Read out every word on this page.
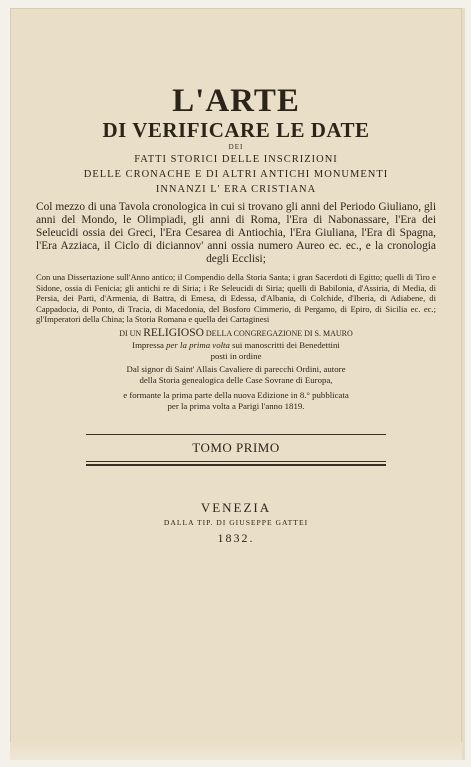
L'ARTE
DI VERIFICARE LE DATE
DEI
FATTI STORICI DELLE INSCRIZIONI
DELLE CRONACHE E DI ALTRI ANTICHI MONUMENTI
INNANZI L' ERA CRISTIANA
Col mezzo di una Tavola cronologica in cui si trovano gli anni del Periodo Giuliano, gli anni del Mondo, le Olimpiadi, gli anni di Roma, l'Era di Nabonassare, l'Era dei Seleucidi ossia dei Greci, l'Era Cesarea di Antiochia, l'Era Giuliana, l'Era di Spagna, l'Era Azziaca, il Ciclo di diciannov' anni ossia numero Aureo ec. ec., e la cronologia degli Ecclisi;
Con una Dissertazione sull'Anno antico; il Compendio della Storia Santa; i gran Sacerdoti di Egitto; quelli di Tiro e Sidone, ossia di Fenicia; gli antichi re di Siria; i Re Seleucidi di Siria; quelli di Babilonia, d'Assiria, di Media, di Persia, dei Parti, d'Armenia, di Battra, di Emesa, di Edessa, d'Albania, di Colchide, d'Iberia, di Adiabene, di Cappadocia, di Ponto, di Tracia, di Macedonia, del Bosforo Cimmerio, di Pergamo, di Epiro, di Sicilia ec. ec.; gl'Imperatori della China; la Storia Romana e quella dei Cartaginesi
DI UN RELIGIOSO DELLA CONGREGAZIONE DI S. MAURO
Impressa per la prima volta sui manoscritti dei Benedettini
posti in ordine
Dal signor di Saint' Allais Cavaliere di parecchi Ordini, autore
della Storia genealogica delle Case Sovrane di Europa,
e formante la prima parte della nuova Edizione in 8.° pubblicata
per la prima volta a Parigi l'anno 1819.
TOMO PRIMO
VENEZIA
DALLA TIP. DI GIUSEPPE GATTEI
1832.
